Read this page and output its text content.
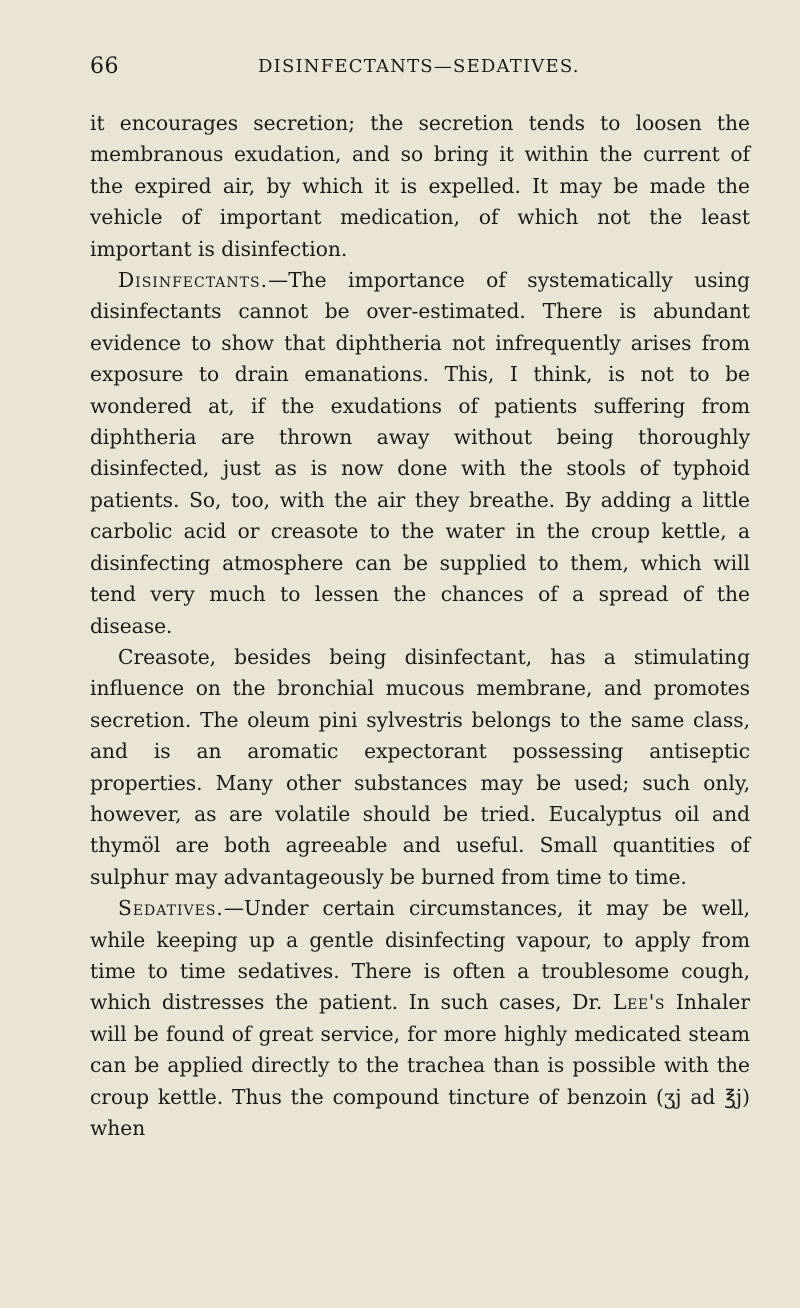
66	DISINFECTANTS—SEDATIVES.

it encourages secretion; the secretion tends to loosen the membranous exudation, and so bring it within the current of the expired air, by which it is expelled. It may be made the vehicle of important medication, of which not the least important is disinfection.

Disinfectants.—The importance of systematically using disinfectants cannot be over-estimated. There is abundant evidence to show that diphtheria not infrequently arises from exposure to drain emanations. This, I think, is not to be wondered at, if the exudations of patients suffering from diphtheria are thrown away without being thoroughly disinfected, just as is now done with the stools of typhoid patients. So, too, with the air they breathe. By adding a little carbolic acid or creasote to the water in the croup kettle, a disinfecting atmosphere can be supplied to them, which will tend very much to lessen the chances of a spread of the disease.

Creasote, besides being disinfectant, has a stimulating influence on the bronchial mucous membrane, and promotes secretion. The oleum pini sylvestris belongs to the same class, and is an aromatic expectorant possessing antiseptic properties. Many other substances may be used; such only, however, as are volatile should be tried. Eucalyptus oil and thymöl are both agreeable and useful. Small quantities of sulphur may advantageously be burned from time to time.

Sedatives.—Under certain circumstances, it may be well, while keeping up a gentle disinfecting vapour, to apply from time to time sedatives. There is often a troublesome cough, which distresses the patient. In such cases, Dr. Lee's Inhaler will be found of great service, for more highly medicated steam can be applied directly to the trachea than is possible with the croup kettle. Thus the compound tincture of benzoin (ʒj ad ℥j) when
